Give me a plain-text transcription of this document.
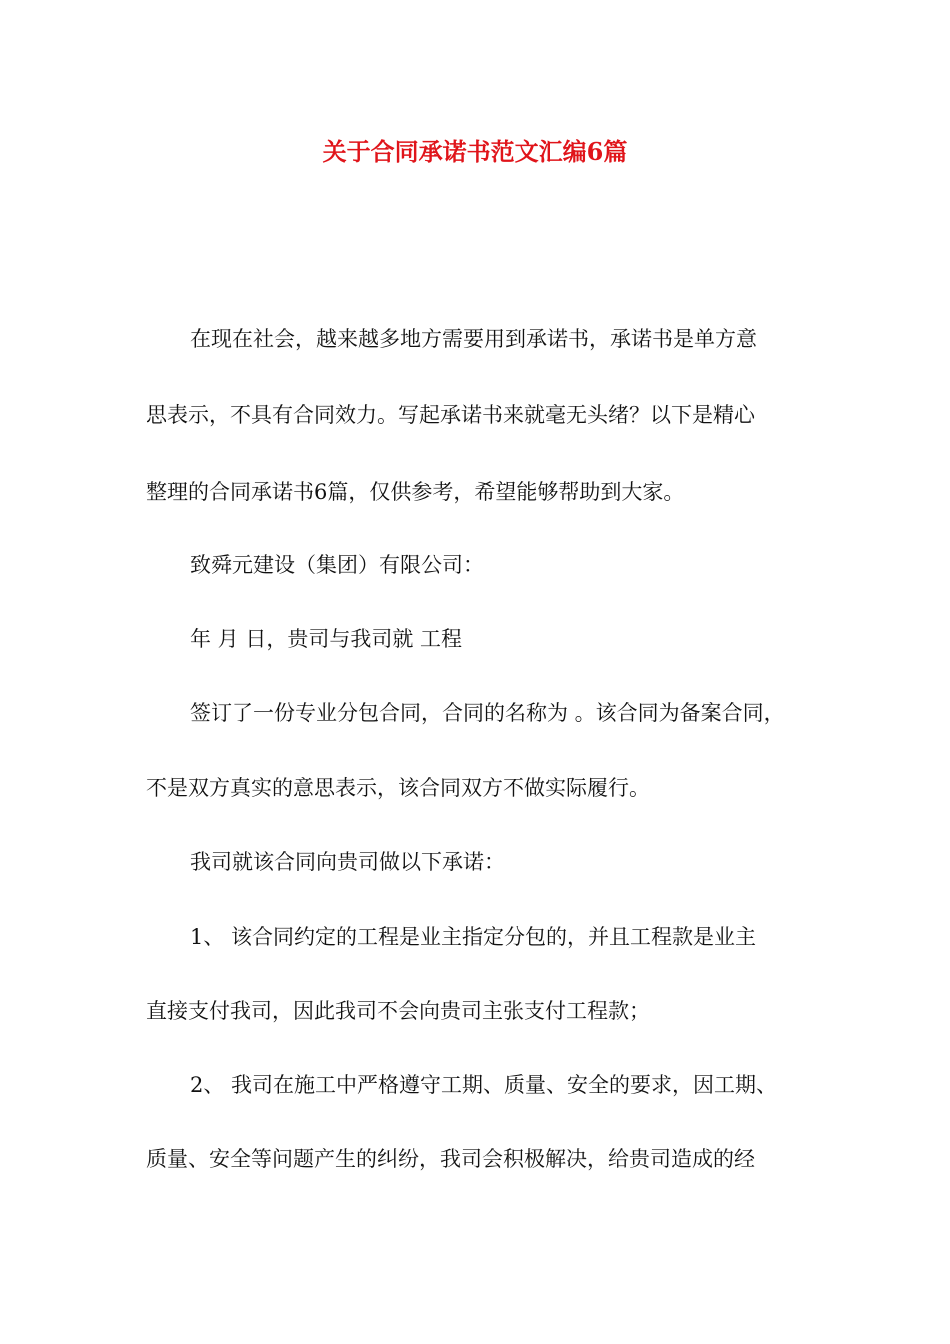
关于合同承诺书范文汇编6篇
在现在社会，越来越多地方需要用到承诺书，承诺书是单方意
思表示，不具有合同效力。写起承诺书来就毫无头绪？以下是精心
整理的合同承诺书6篇，仅供参考，希望能够帮助到大家。
致舜元建设（集团）有限公司：
年 月 日，贵司与我司就 工程
签订了一份专业分包合同，合同的名称为 。该合同为备案合同，
不是双方真实的意思表示，该合同双方不做实际履行。
我司就该合同向贵司做以下承诺：
1、 该合同约定的工程是业主指定分包的，并且工程款是业主
直接支付我司，因此我司不会向贵司主张支付工程款；
2、 我司在施工中严格遵守工期、质量、安全的要求，因工期、
质量、安全等问题产生的纠纷，我司会积极解决，给贵司造成的经
